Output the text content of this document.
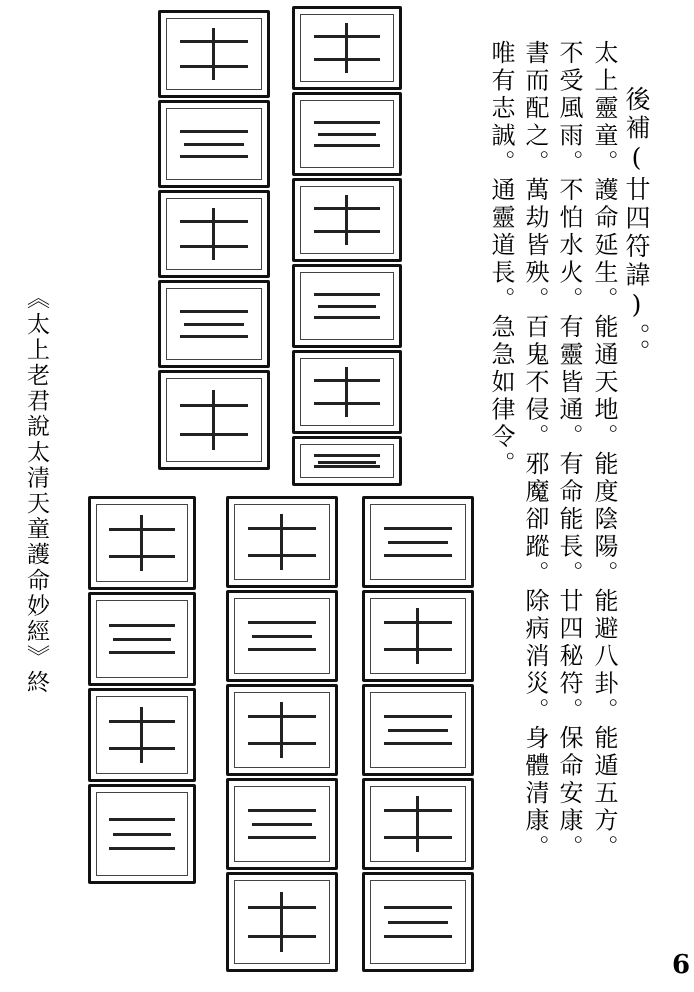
後補(廿四符諱)。。
太上靈童。護命延生。能通天地。能度陰陽。能避八卦。能遁五方。
不受風雨。不怕水火。有靈皆通。有命能長。廿四秘符。保命安康。
書而配之。萬劫皆殃。百鬼不侵。邪魔卻蹤。除病消災。身體清康。
唯有志誠。通靈道長。急急如律令。
《太上老君說太清天童護命妙經》終
6
